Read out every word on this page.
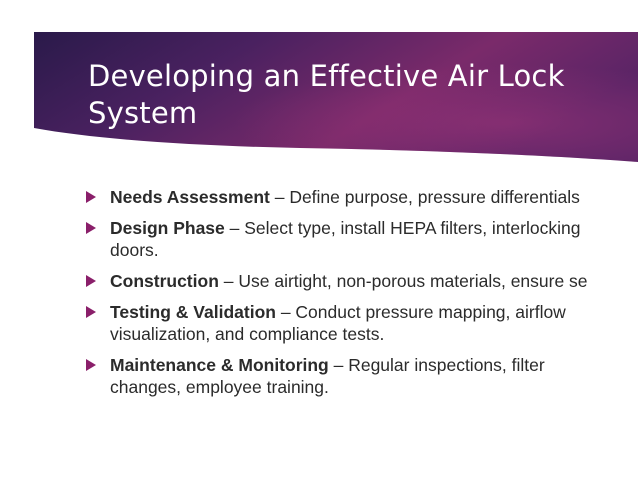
Developing an Effective Air Lock
System
Needs Assessment – Define purpose, pressure differentials
Design Phase – Select type, install HEPA filters, interlocking
doors.
Construction – Use airtight, non-porous materials, ensure se
Testing & Validation – Conduct pressure mapping, airflow
visualization, and compliance tests.
Maintenance & Monitoring – Regular inspections, filter
changes, employee training.
